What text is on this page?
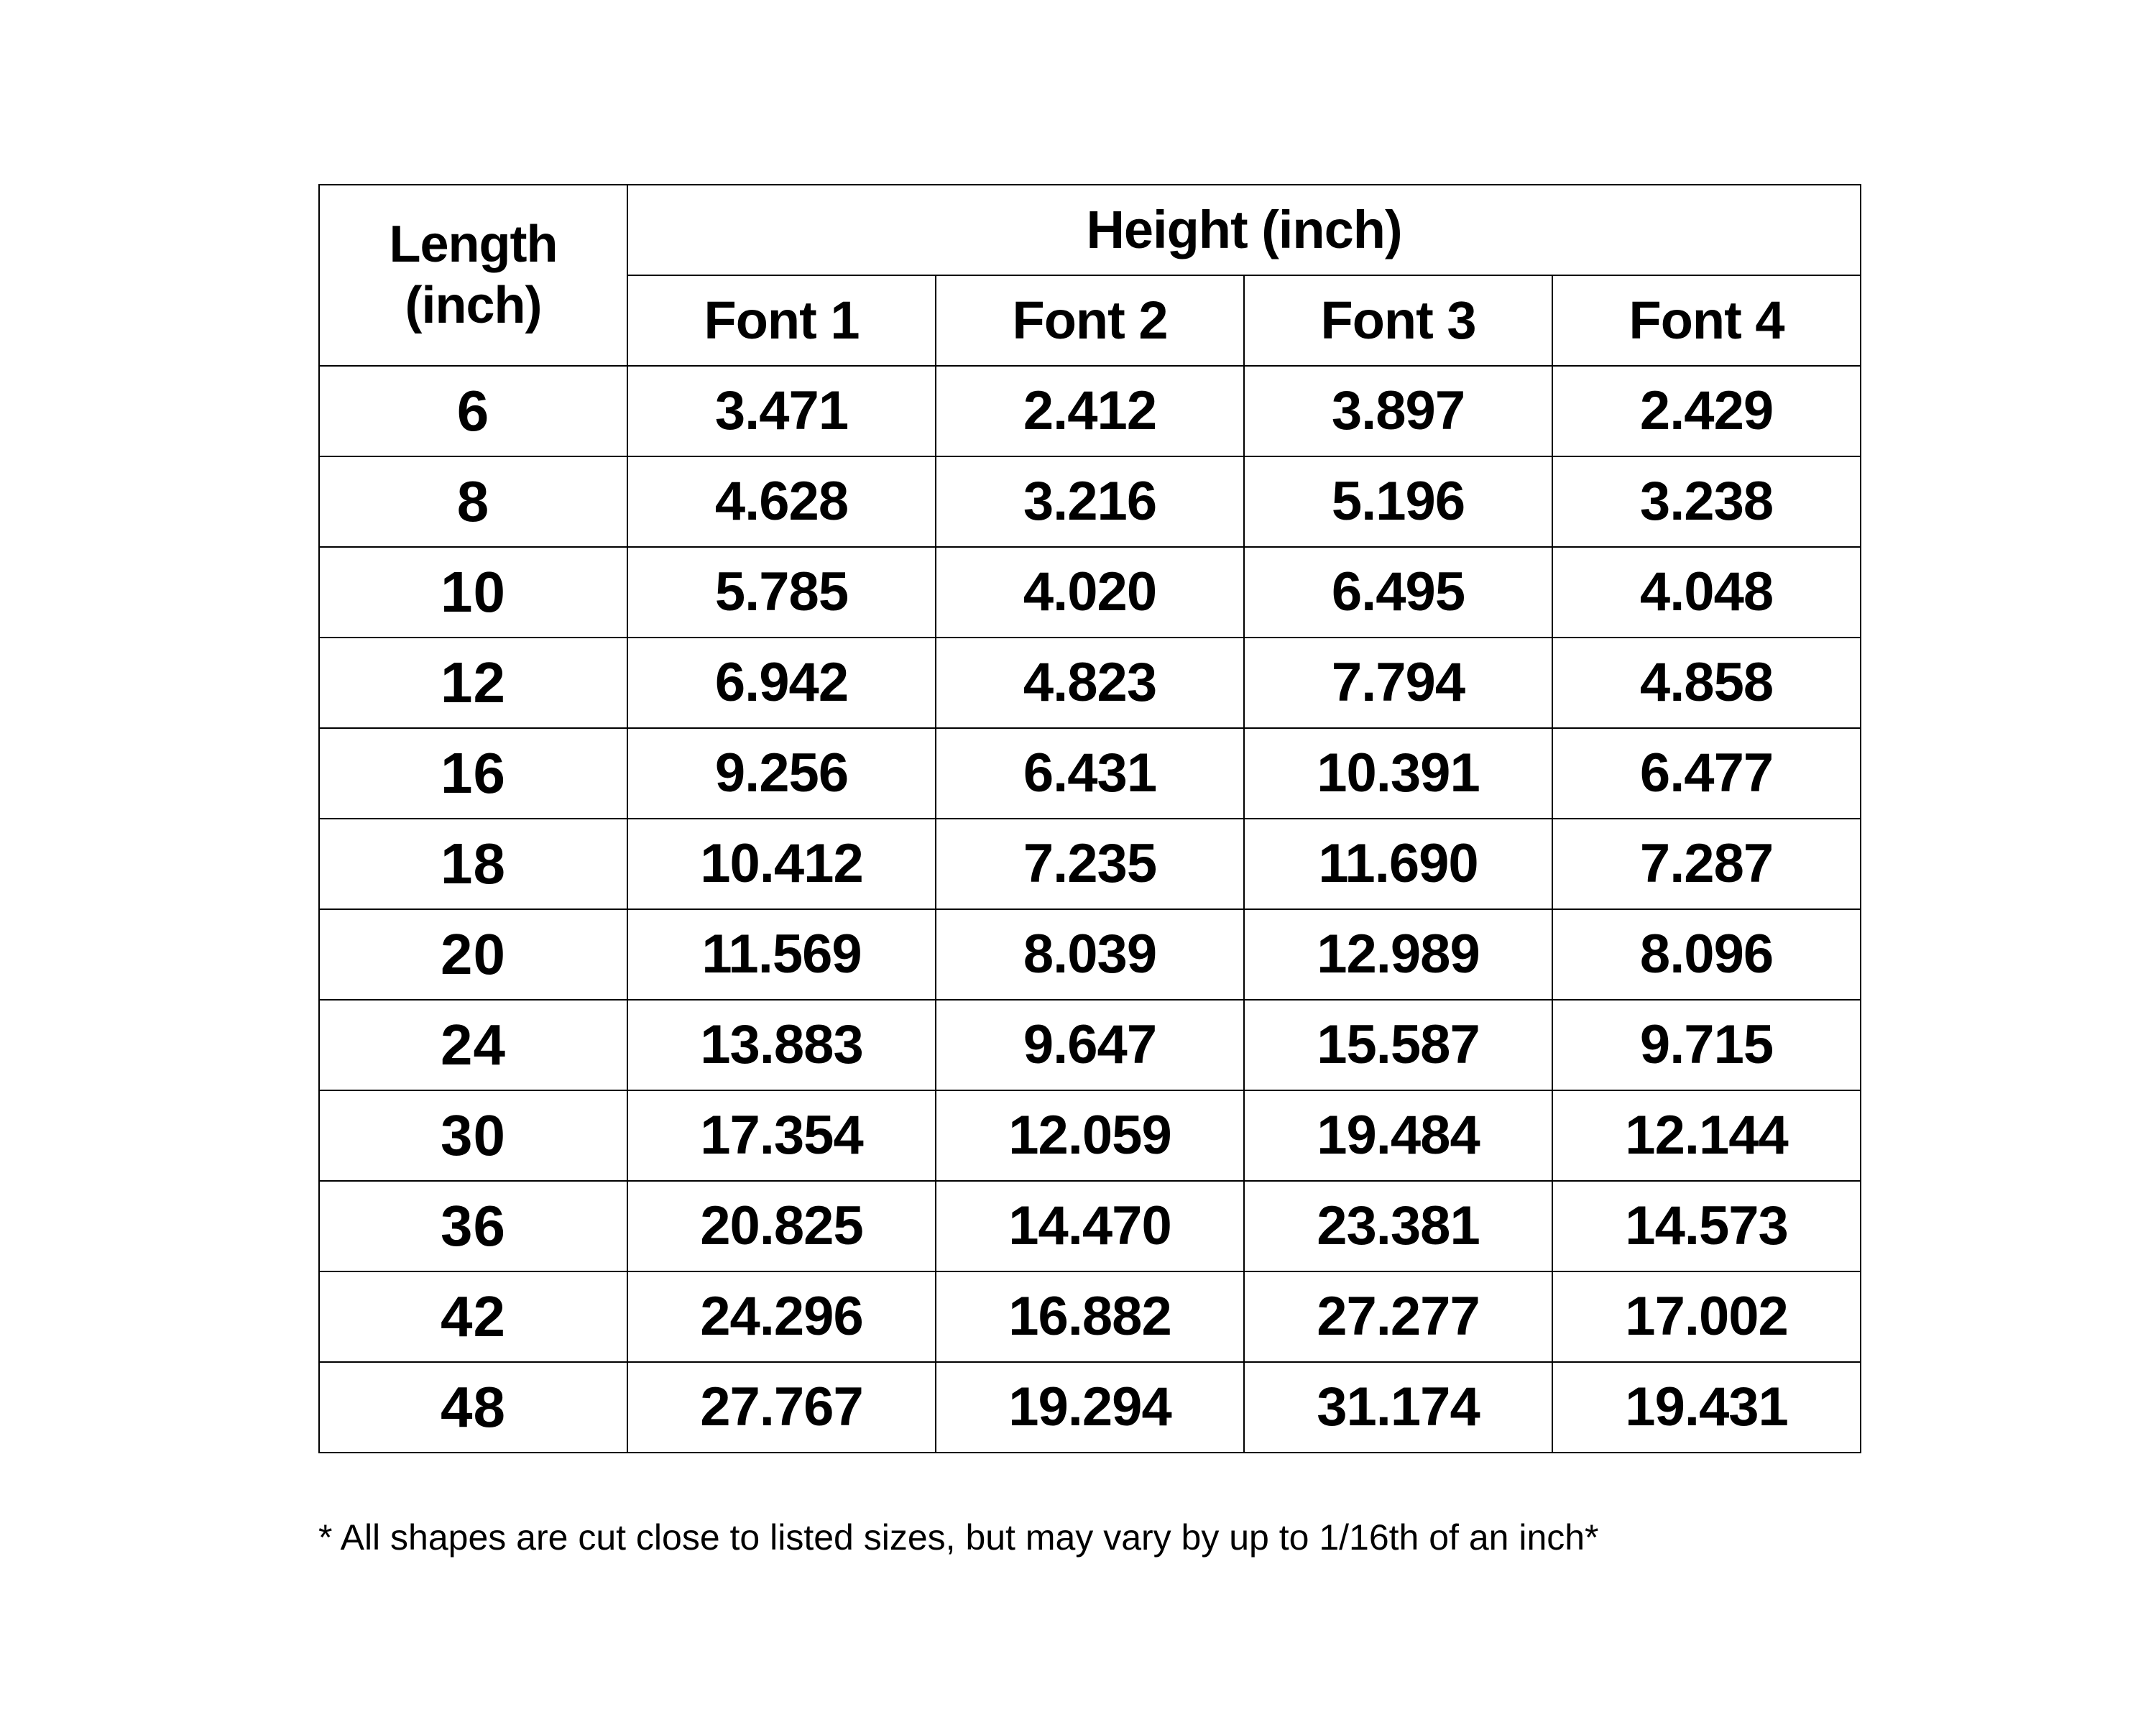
Length
(inch)	Height (inch)			
	Font 1	Font 2	Font 3	Font 4
6	3.471	2.412	3.897	2.429
8	4.628	3.216	5.196	3.238
10	5.785	4.020	6.495	4.048
12	6.942	4.823	7.794	4.858
16	9.256	6.431	10.391	6.477
18	10.412	7.235	11.690	7.287
20	11.569	8.039	12.989	8.096
24	13.883	9.647	15.587	9.715
30	17.354	12.059	19.484	12.144
36	20.825	14.470	23.381	14.573
42	24.296	16.882	27.277	17.002
48	27.767	19.294	31.174	19.431
* All shapes are cut close to listed sizes, but may vary by up to 1/16th of an inch*
